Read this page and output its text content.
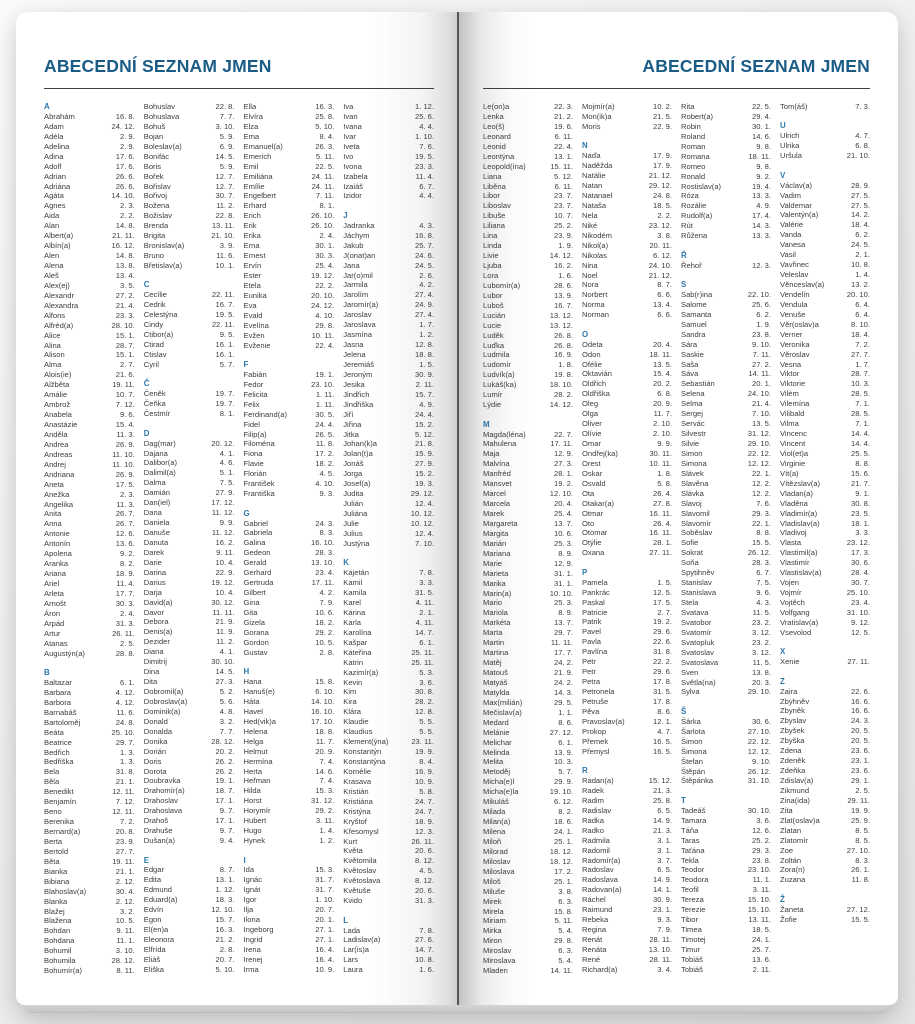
ABECEDNÍ SEZNAM JMEN
A
Abrahám	16. 8.
Adam	24. 12.
Adéla	2. 9.
Adelina	2. 9.
Adina	17. 6.
Adolf	17. 6.
Adrian	26. 6.
Adriána	26. 6.
Agáta	14. 10.
Agnes	2. 3.
Aida	2. 2.
Alan	14. 8.
Albert(a)	21. 11.
Albín(a)	16. 12.
Alen	14. 8.
Alena	13. 8.
Aleš	13. 4.
Alex(ej)	3. 5.
Alexandr	27. 2.
Alexandra	21. 4.
Alfons	23. 3.
Alfréd(a)	28. 10.
Alice	15. 1.
Alina	28. 7.
Alison	15. 1.
Alma	2. 7.
Alois(ie)	21. 6.
Alžběta	19. 11.
Amálie	10. 7.
Ambrož	7. 12.
Anabela	9. 6.
Anastázie	15. 4.
Anděla	11. 3.
Andrea	26. 9.
Andreas	11. 10.
Andrej	11. 10.
Andriana	26. 9.
Aneta	17. 5.
Anežka	2. 3.
Angelika	11. 3.
Anita	26. 7.
Anna	26. 7.
Antonie	12. 6.
Antonín	13. 6.
Apolena	9. 2.
Aranka	8. 2.
Ariana	18. 9.
Ariel	11. 4.
Arleta	17. 7.
Arnošt	30. 3.
Áron	2. 4.
Arpád	31. 3.
Artur	26. 11.
Atanas	2. 5.
Augustýn(a)	28. 8.
B
Baltazar	6. 1.
Barbara	4. 12.
Barbora	4. 12.
Barnabáš	11. 6.
Bartoloměj	24. 8.
Beáta	25. 10.
Beatrice	29. 7.
Bedřich	1. 3.
Bedřiška	1. 3.
Bela	31. 8.
Běla	21. 1.
Benedikt	12. 11.
Benjamín	7. 12.
Beno	12. 11.
Berenika	7. 2.
Bernard(a)	20. 8.
Berta	23. 9.
Bertold	27. 7.
Běta	19. 11.
Bianka	21. 1.
Bibiana	2. 12.
Blahoslav(a)	30. 4.
Blanka	2. 12.
Blažej	3. 2.
Blažena	10. 5.
Bohdan	9. 11.
Bohdana	11. 1.
Bohumil	3. 10.
Bohumila	28. 12.
Bohumír(a)	8. 11.
Bohuslav	22. 8.
Bohuslava	7. 7.
Bohuš	3. 10.
Bojan	5. 9.
Boleslav(a)	6. 9.
Bonifác	14. 5.
Boris	5. 9.
Bořek	12. 7.
Bořislav	12. 7.
Bořivoj	30. 7.
Božena	11. 2.
Božislav	22. 8.
Brenda	13. 11.
Brigita	21. 10.
Bronislav(a)	3. 9.
Bruno	11. 6.
Břetislav(a)	10. 1.
C
Cecílie	22. 11.
Cedrik	16. 7.
Celestýna	19. 5.
Cindy	22. 11.
Ctibor(a)	9. 5.
Ctirad	16. 1.
Ctislav	16. 1.
Cyril	5. 7.
Č
Čeněk	19. 7.
Čeňka	19. 7.
Čestmír	8. 1.
D
Dag(mar)	20. 12.
Dajana	4. 1.
Dalibor(a)	4. 6.
Dalimil(a)	5. 1.
Dalma	7. 5.
Damián	27. 9.
Dan(iel)	17. 12.
Dana	11. 12.
Daniela	9. 9.
Danuše	11. 12.
Danuta	16. 2.
Darek	9. 11.
Darie	10. 4.
Darina	22. 9.
Darius	19. 12.
Darja	10. 4.
David(a)	30. 12.
Davor	11. 11.
Debora	21. 9.
Denis(a)	11. 9.
Dezider	11. 2.
Diana	4. 1.
Dimitrij	30. 10.
Dina	14. 5.
Dita	27. 3.
Dobromil(a)	5. 2.
Dobroslav(a)	5. 6.
Dominik(a)	4. 8.
Donald	3. 2.
Donalda	7. 7.
Donika	28. 12.
Dorián	20. 2.
Doris	26. 2.
Dorota	26. 2.
Doubravka	19. 1.
Drahomír(a)	18. 7.
Drahoslav	17. 1.
Drahoslava	9. 7.
Drahoš	17. 1.
Drahuše	9. 7.
Dušan(a)	9. 4.
E
Edgar	8. 7.
Edita	13. 1.
Edmund	1. 12.
Eduard(a)	18. 3.
Edvín	12. 10.
Egon	15. 7.
El(en)a	16. 3.
Eleonora	21. 2.
Elfrída	2. 8.
Eliáš	20. 7.
Eliška	5. 10.
Ella	16. 3.
Elvíra	25. 8.
Elza	5. 10.
Ema	8. 4.
Emanuel(a)	26. 3.
Emerich	5. 11.
Emil	22. 5.
Emiliána	24. 11.
Emílie	24. 11.
Engelbert	7. 11.
Erhard	8. 1.
Erich	26. 10.
Erik	26. 10.
Erika	2. 4.
Erna	30. 1.
Ernest	30. 3.
Ervín	25. 4.
Ester	19. 12.
Etela	22. 2.
Eunika	20. 10.
Eva	24. 12.
Evald	4. 10.
Evelína	29. 8.
Evžen	10. 11.
Evženie	22. 4.
F
Fabián	19. 1.
Fedor	23. 10.
Felicita	1. 11.
Felix	1. 11.
Ferdinand(a)	30. 5.
Fidel	24. 4.
Filip(a)	26. 5.
Filoména	11. 8.
Fiona	17. 2.
Flavie	18. 2.
Florián	4. 5.
František	4. 10.
Františka	9. 3.
G
Gabriel	24. 3.
Gabriela	8. 3.
Galina	16. 10.
Gedeon	28. 3.
Gerald	13. 10.
Gerhard	23. 4.
Gertruda	17. 11.
Gilbert	4. 2.
Gina	7. 9.
Gita	10. 6.
Gizela	18. 2.
Gorana	29. 2.
Gordon	10. 5.
Gustav	2. 8.
H
Hana	15. 8.
Hanuš(e)	6. 10.
Háta	14. 10.
Havel	16. 10.
Hed(vik)a	17. 10.
Helena	18. 8.
Helga	11. 7.
Helmut	20. 9.
Hermína	7. 4.
Herta	14. 6.
Heřman	7. 4.
Hilda	15. 3.
Horst	31. 12.
Horymír	29. 2.
Hubert	3. 11.
Hugo	1. 4.
Hynek	1. 2.
I
Ida	15. 3.
Ignác	31. 7.
Ignát	31. 7.
Igor	1. 10.
Ilja	20. 7.
Ilona	20. 1.
Ingeborg	27. 1.
Ingrid	27. 1.
Irena	16. 4.
Irenej	16. 4.
Irma	10. 9.
Iva	1. 12.
Ivan	25. 6.
Ivana	4. 4.
Ivar	1. 10.
Iveta	7. 6.
Ivo	19. 5.
Ivona	23. 3.
Izabela	11. 4.
Izaiáš	6. 7.
Izidor	4. 4.
J
Jadranka	4. 3.
Jáchym	16. 8.
Jakub	25. 7.
J(onat)an	24. 6.
Jana	24. 5.
Jar(o)mil	2. 6.
Jarmila	4. 2.
Jarolím	27. 4.
Jaromír(a)	24. 9.
Jaroslav	27. 4.
Jaroslava	1. 7.
Jasmína	1. 2.
Jasna	12. 8.
Jelena	18. 8.
Jeremiáš	1. 5.
Jeroným	30. 9.
Jesika	2. 11.
Jindřich	15. 7.
Jindřiška	4. 9.
Jiří	24. 4.
Jiřina	15. 2.
Jitka	5. 12.
Johan(k)a	21. 8.
Jolan(t)a	15. 9.
Jonáš	27. 9.
Jorga	15. 2.
Josef(a)	19. 3.
Judita	29. 12.
Julián	12. 4.
Juliána	10. 12.
Julie	10. 12.
Julius	12. 4.
Justýna	7. 10.
K
Kajetán	7. 8.
Kamil	3. 3.
Kamila	31. 5.
Karel	4. 11.
Karina	2. 1.
Karla	4. 11.
Karolína	14. 7.
Kašpar	6. 1.
Kateřina	25. 11.
Katrin	25. 11.
Kazimír(a)	5. 3.
Kevin	3. 6.
Kim	30. 8.
Kira	28. 2.
Klára	12. 8.
Klaudie	5. 5.
Klaudius	5. 5.
Klement(ýna)	23. 11.
Konstantýn	19. 9.
Konstantýna	8. 4.
Kornélie	16. 9.
Krasava	10. 9.
Kristián	5. 8.
Kristiána	24. 7.
Kristýna	24. 7.
Kryštof	18. 9.
Křesomysl	12. 3.
Kurt	26. 11.
Květa	20. 6.
Květomila	8. 12.
Květoslav	4. 5.
Květoslava	8. 12.
Květuše	20. 6.
Kvido	31. 3.
L
Lada	7. 8.
Ladislav(a)	27. 6.
Lar(is)a	14. 7.
Lars	10. 8.
Laura	1. 6.
ABECEDNÍ SEZNAM JMEN
Le(on)a	22. 3.
Lenka	21. 2.
Leo(š)	19. 6.
Leonard	6. 11.
Leonid	22. 4.
Leontýna	13. 1.
Leopold(ína)	15. 11.
Liana	5. 12.
Liběna	6. 11.
Libor	23. 7.
Liboslav	23. 7.
Libuše	10. 7.
Liliana	25. 2.
Lina	23. 9.
Linda	1. 9.
Livie	14. 12.
Ljuba	16. 2.
Lora	1. 6.
Lubomír(a)	28. 6.
Lubor	13. 9.
Luboš	16. 7.
Lucián	13. 12.
Lucie	13. 12.
Luděk	26. 8.
Luďka	26. 8.
Ludmila	16. 9.
Ludomír	1. 8.
Ludvík(a)	19. 8.
Lukáš(ka)	18. 10.
Lumír	28. 2.
Lýdie	14. 12.
M
Magda(léna)	22. 7.
Mahulena	17. 11.
Maja	12. 9.
Malvína	27. 3.
Manfréd	28. 1.
Mansvet	19. 2.
Marcel	12. 10.
Marcela	20. 4.
Marek	25. 4.
Margareta	13. 7.
Margita	10. 6.
Marián	25. 3.
Mariana	8. 9.
Marie	12. 9.
Marieta	31. 1.
Marika	31. 1.
Marin(a)	10. 10.
Mario	25. 3.
Mariola	8. 9.
Markéta	13. 7.
Marta	29. 7.
Martin	11. 11.
Martina	17. 7.
Matěj	24. 2.
Matouš	21. 9.
Matyáš	24. 2.
Matylda	14. 3.
Max(milián)	29. 5.
Mečislav(a)	1. 1.
Medard	8. 6.
Melánie	27. 12.
Melichar	6. 1.
Melinda	13. 9.
Melita	10. 3.
Metoděj	5. 7.
Micha(e)l	29. 9.
Micha(e)la	19. 10.
Mikuláš	6. 12.
Milada	8. 2.
Milan(a)	18. 6.
Milena	24. 1.
Miloň	25. 1.
Milorad	18. 12.
Miloslav	18. 12.
Miloslava	17. 2.
Miloš	25. 1.
Miluše	3. 8.
Mirek	6. 3.
Mirela	15. 8.
Miriam	5. 11.
Mirka	5. 4.
Miron	29. 8.
Miroslav	6. 3.
Miroslava	5. 4.
Mladen	14. 11.
Mojmír(a)	10. 2.
Mon(ik)a	21. 5.
Moris	22. 9.
N
Naďa	17. 9.
Naděžda	17. 9.
Natálie	21. 12.
Natan	29. 12.
Natanael	24. 8.
Nataša	18. 5.
Nela	2. 2.
Niké	23. 12.
Nikodém	3. 8.
Nikol(a)	20. 11.
Nikolas	6. 12.
Nina	24. 10.
Noel	21. 12.
Nora	8. 7.
Norbert	6. 6.
Norma	13. 4.
Norman	6. 6.
O
Odeta	20. 4.
Odon	18. 11.
Ofélie	13. 5.
Oktavián	15. 4.
Oldřich	20. 2.
Oldřiška	6. 8.
Oleg	20. 9.
Olga	11. 7.
Oliver	2. 10.
Olívie	2. 10.
Omar	9. 9.
Ondřej(ka)	30. 11.
Orest	10. 11.
Oskar	1. 8.
Osvald	5. 8.
Ota	26. 4.
Otakar(a)	27. 8.
Otmar	16. 11.
Oto	26. 4.
Otomar	16. 11.
Otýlie	28. 1.
Oxana	27. 11.
P
Pamela	1. 5.
Pankrác	12. 5.
Paskal	17. 5.
Patricie	2. 7.
Patrik	19. 2.
Pavel	29. 6.
Pavla	22. 6.
Pavlína	31. 8.
Petr	22. 2.
Petr	29. 6.
Petra	17. 8.
Petronela	31. 5.
Petruše	17. 8.
Pěva	8. 6.
Pravoslav(a)	12. 1.
Prokop	4. 7.
Přemek	16. 5.
Přemysl	16. 5.
R
Radan(a)	15. 12.
Radek	21. 3.
Radim	25. 8.
Radislav	6. 5.
Radka	14. 9.
Radko	21. 3.
Radmila	3. 1.
Radomil	3. 1.
Radomír(a)	3. 7.
Radoslav	6. 5.
Radoslava	14. 9.
Radovan(a)	14. 1.
Ráchel	30. 9.
Raimund	23. 1.
Rebeka	9. 3.
Regina	7. 9.
Renát	28. 11.
Renáta	13. 10.
René	28. 11.
Richard(a)	3. 4.
Rita	22. 5.
Robert(a)	29. 4.
Robin	30. 1.
Roland	14. 6.
Roman	9. 8.
Romana	18. 11.
Romeo	9. 8.
Ronald	9. 2.
Rostislav(a)	19. 4.
Róza	13. 3.
Rozálie	4. 9.
Rudolf(a)	17. 4.
Rút	14. 3.
Růžena	13. 3.
Ř
Řehoř	12. 3.
S
Sab(r)ina	22. 10.
Salome	25. 6.
Samanta	6. 2.
Samuel	1. 9.
Sandra	23. 8.
Sára	9. 10.
Saskie	7. 11.
Saša	27. 2.
Sáva	14. 11.
Sebastián	20. 1.
Selena	24. 10.
Selma	21. 4.
Sergej	7. 10.
Servác	13. 5.
Silvestr	31. 12.
Silvie	29. 10.
Simon	22. 12.
Simona	12. 12.
Slávek	22. 1.
Slavěna	12. 2.
Slávka	12. 2.
Slavoj	7. 6.
Slavomil	29. 3.
Slavomír	22. 1.
Soběslav	8. 8.
Sofie	15. 5.
Sokrat	26. 12.
Soňa	28. 3.
Spytihněv	6. 7.
Stanislav	7. 5.
Stanislava	9. 6.
Stela	4. 3.
Svatava	11. 5.
Svatobor	23. 2.
Svatomír	3. 12.
Svatopluk	23. 2.
Svatoslav	3. 12.
Svatoslava	11. 5.
Sven	13. 8.
Světla(na)	20. 3.
Sylva	29. 10.
Š
Šárka	30. 6.
Šarlota	27. 10.
Šimon	22. 12.
Šimona	12. 12.
Štefan	9. 10.
Štěpán	26. 12.
Štěpánka	31. 10.
T
Tadeáš	30. 10.
Tamara	3. 6.
Táňa	12. 6.
Taras	25. 2.
Taťána	29. 3.
Tekla	23. 8.
Teodor	23. 10.
Teodora	11. 1.
Teofil	3. 11.
Tereza	15. 10.
Terezie	15. 10.
Tibor	13. 11.
Timea	18. 5.
Timotej	24. 1.
Timur	25. 7.
Tobiáš	13. 6.
Tobiáš	2. 11.
Tom(áš)	7. 3.
U
Ulrich	4. 7.
Ulrika	6. 8.
Uršula	21. 10.
V
Václav(a)	28. 9.
Vadim	27. 5.
Valdemar	27. 5.
Valentýn(a)	14. 2.
Valérie	18. 4.
Vanda	6. 2.
Vanesa	24. 5.
Vasil	2. 1.
Vavřinec	10. 8.
Veleslav	1. 4.
Věnceslav(a)	13. 2.
Vendelín	20. 10.
Vendula	6. 4.
Venuše	6. 4.
Věr(oslav)a	8. 10.
Verner	18. 4.
Veronika	7. 2.
Věroslav	27. 7.
Vesna	1. 7.
Viktor	28. 7.
Viktorie	10. 3.
Vilém	28. 5.
Vilemína	7. 1.
Vilibald	28. 5.
Vilma	7. 1.
Vincenc	14. 4.
Vincent	14. 4.
Viol(et)a	25. 5.
Virginie	8. 8.
Vít(a)	15. 6.
Vítězslav(a)	21. 7.
Vladan(a)	9. 1.
Vladěna	30. 8.
Vladimír(a)	23. 5.
Vladislav(a)	18. 1.
Vladivoj	3. 3.
Vlasta	23. 12.
Vlastimil(a)	17. 3.
Vlastimír	30. 6.
Vlastislav(a)	28. 4.
Vojen	30. 7.
Vojmír	25. 10.
Vojtěch	23. 4.
Volfgang	31. 10.
Vratislav(a)	9. 12.
Vsevolod	12. 5.
X
Xenie	27. 11.
Z
Zaira	22. 6.
Zbyhněv	16. 6.
Zbyněk	16. 6.
Zbyslav	24. 3.
Zbyšek	20. 5.
Zbyška	20. 5.
Zdena	23. 6.
Zdeněk	23. 1.
Zdeňka	23. 6.
Zdislav(a)	29. 1.
Zikmund	2. 5.
Zina(ida)	29. 11.
Zita	19. 9.
Zlat(oslav)a	25. 9.
Zlatan	8. 5.
Zlatomír	8. 5.
Zoe	27. 10.
Zoltán	8. 3.
Zora(n)	26. 1.
Zuzana	11. 8.
Ž
Žaneta	27. 12.
Žofie	15. 5.
